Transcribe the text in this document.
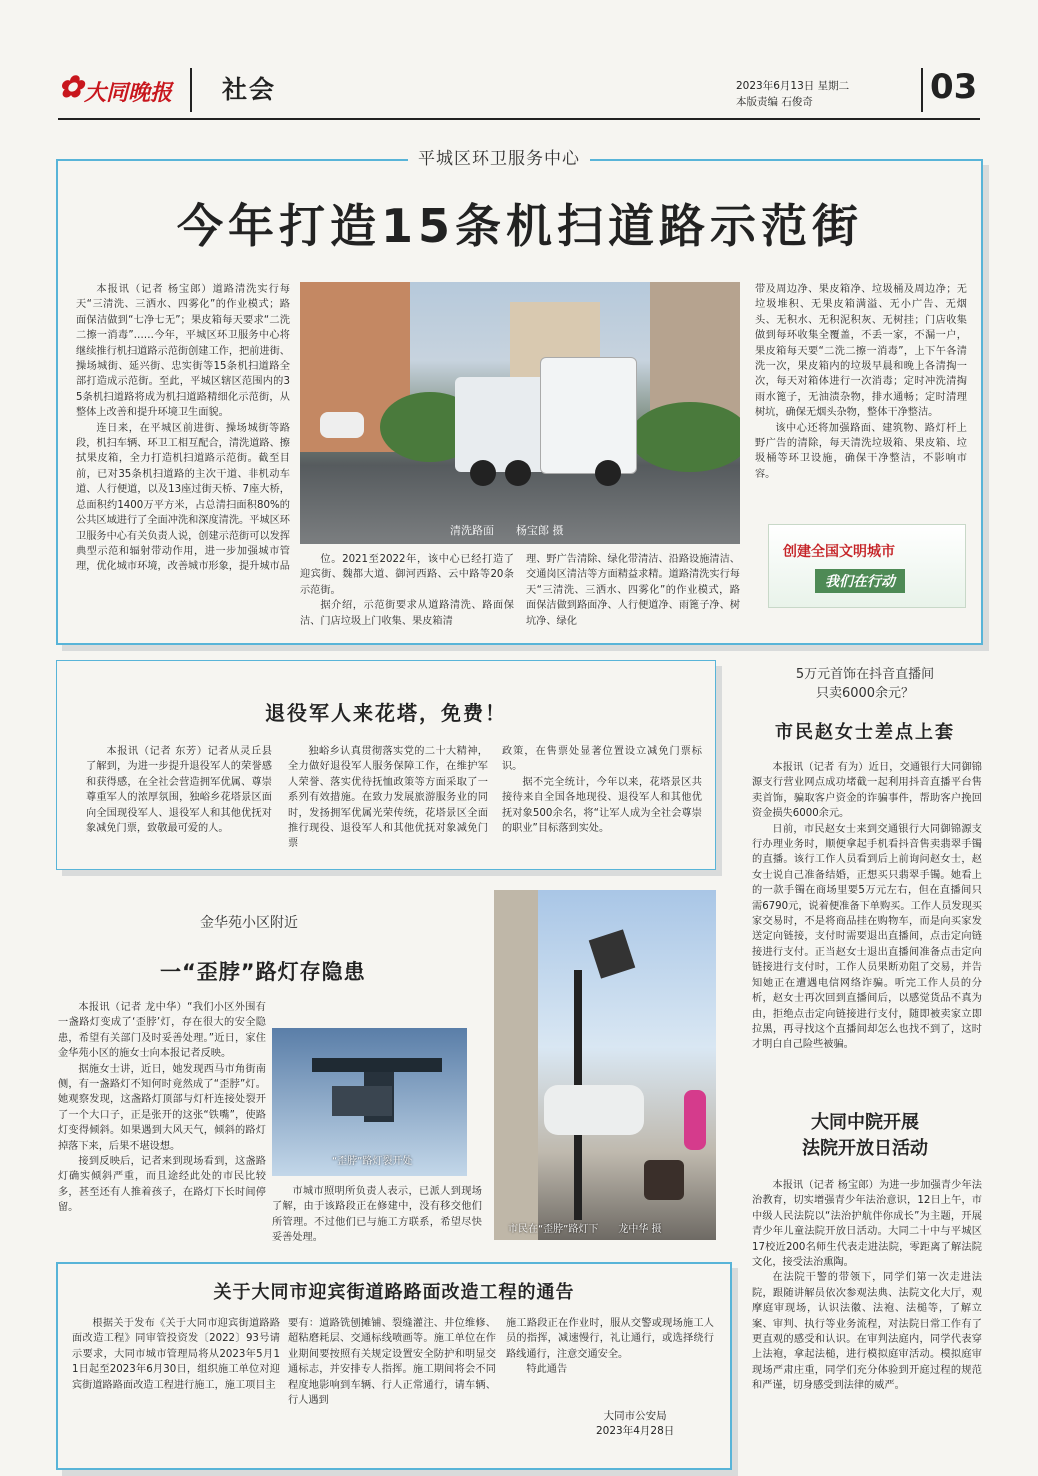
✿ 大同晚报 社会	2023年6月13日 星期二
本版责编 石俊奇	03
平城区环卫服务中心
今年打造15条机扫道路示范街

本报讯（记者 杨宝郎）道路清洗实行每天“三清洗、三洒水、四雾化”的作业模式；路面保洁做到“七净七无”；果皮箱每天要求“二洗二擦一消毒”……今年，平城区环卫服务中心将继续推行机扫道路示范街创建工作，把前进街、操场城街、延兴街、忠实街等15条机扫道路全部打造成示范街。至此，平城区辖区范围内的35条机扫道路将成为机扫道路精细化示范街，从整体上改善和提升环境卫生面貌。

连日来，在平城区前进街、操场城街等路段，机扫车辆、环卫工相互配合，清洗道路、擦拭果皮箱，全力打造机扫道路示范街。截至目前，已对35条机扫道路的主次干道、非机动车道、人行便道，以及13座过街天桥、7座大桥，总面积约1400万平方米，占总清扫面积80%的公共区域进行了全面冲洗和深度清洗。平城区环卫服务中心有关负责人说，创建示范街可以发挥典型示范和辐射带动作用，进一步加强城市管理，优化城市环境，改善城市形象，提升城市品

清洗路面　　杨宝郎 摄

位。2021至2022年，该中心已经打造了迎宾街、魏都大道、御河西路、云中路等20条示范街。

据介绍，示范街要求从道路清洗、路面保洁、门店垃圾上门收集、果皮箱清

理、野广告清除、绿化带清洁、沿路设施清洁、交通岗区清洁等方面精益求精。道路清洗实行每天“三清洗、三洒水、四雾化”的作业模式，路面保洁做到路面净、人行便道净、雨篦子净、树坑净、绿化

带及周边净、果皮箱净、垃圾桶及周边净；无垃圾堆积、无果皮箱满溢、无小广告、无烟头、无积水、无积泥积灰、无树挂；门店收集做到每环收集全覆盖，不丢一家，不漏一户，果皮箱每天要“二洗二擦一消毒”，上下午各清洗一次，果皮箱内的垃圾早晨和晚上各清掏一次，每天对箱体进行一次消毒；定时冲洗清掏雨水篦子，无油渍杂物，排水通畅；定时清理树坑，确保无烟头杂物，整体干净整洁。

该中心还将加强路面、建筑物、路灯杆上野广告的清除，每天清洗垃圾箱、果皮箱、垃圾桶等环卫设施，确保干净整洁，不影响市容。

创建全国文明城市
我们在行动
退役军人来花塔，免费！

本报讯（记者 东芳）记者从灵丘县了解到，为进一步提升退役军人的荣誉感和获得感，在全社会营造拥军优属、尊崇尊重军人的浓厚氛围，独峪乡花塔景区面向全国现役军人、退役军人和其他优抚对象减免门票，致敬最可爱的人。

独峪乡认真贯彻落实党的二十大精神，全力做好退役军人服务保障工作，在维护军人荣誉、落实优待抚恤政策等方面采取了一系列有效措施。在致力发展旅游服务业的同时，发扬拥军优属光荣传统，花塔景区全面推行现役、退役军人和其他优抚对象减免门票

政策，在售票处显著位置设立减免门票标识。

据不完全统计，今年以来，花塔景区共接待来自全国各地现役、退役军人和其他优抚对象500余名，将“让军人成为全社会尊崇的职业”目标落到实处。

5万元首饰在抖音直播间
只卖6000余元？
市民赵女士差点上套

本报讯（记者 有为）近日，交通银行大同御锦源支行营业网点成功堵截一起利用抖音直播平台售卖首饰，骗取客户资金的诈骗事件，帮助客户挽回资金损失6000余元。

日前，市民赵女士来到交通银行大同御锦源支行办理业务时，顺便拿起手机看抖音售卖翡翠手镯的直播。该行工作人员看到后上前询问赵女士，赵女士说自己准备结婚，正想买只翡翠手镯。她看上的一款手镯在商场里要5万元左右，但在直播间只需6790元，说着便准备下单购买。工作人员发现买家交易时，不是将商品挂在购物车，而是向买家发送定向链接，支付时需要退出直播间，点击定向链接进行支付。正当赵女士退出直播间准备点击定向链接进行支付时，工作人员果断劝阻了交易，并告知她正在遭遇电信网络诈骗。听完工作人员的分析，赵女士再次回到直播间后，以感觉货品不真为由，拒绝点击定向链接进行支付，随即被卖家立即拉黑，再寻找这个直播间却怎么也找不到了，这时才明白自己险些被骗。

金华苑小区附近
一“歪脖”路灯存隐患

本报讯（记者 龙中华）“我们小区外围有一盏路灯变成了‘歪脖’灯，存在很大的安全隐患，希望有关部门及时妥善处理。”近日，家住金华苑小区的施女士向本报记者反映。

据施女士讲，近日，她发现西马市角街南侧，有一盏路灯不知何时竟然成了“歪脖”灯。她观察发现，这盏路灯顶部与灯杆连接处裂开了一个大口子，正是张开的这张“铁嘴”，使路灯变得倾斜。如果遇到大风天气，倾斜的路灯掉落下来，后果不堪设想。

接到反映后，记者来到现场看到，这盏路灯确实倾斜严重，而且途经此处的市民比较多，甚至还有人推着孩子，在路灯下长时间停留。

“歪脖”路灯裂开处

市城市照明所负责人表示，已派人到现场了解，由于该路段正在修建中，没有移交他们所管理。不过他们已与施工方联系，希望尽快妥善处理。

市民在“歪脖”路灯下　　龙中华 摄
大同中院开展
法院开放日活动

本报讯（记者 杨宝郎）为进一步加强青少年法治教育，切实增强青少年法治意识，12日上午，市中级人民法院以“法治护航伴你成长”为主题，开展青少年儿童法院开放日活动。大同二十中与平城区17校近200名师生代表走进法院，零距离了解法院文化，接受法治熏陶。

在法院干警的带领下，同学们第一次走进法院，跟随讲解员依次参观法典、法院文化大厅，观摩庭审现场，认识法徽、法袍、法槌等，了解立案、审判、执行等业务流程，对法院日常工作有了更直观的感受和认识。在审判法庭内，同学代表穿上法袍，拿起法槌，进行模拟庭审活动。模拟庭审现场严肃庄重，同学们充分体验到开庭过程的规范和严谨，切身感受到法律的威严。

关于大同市迎宾街道路路面改造工程的通告

根据关于发布《关于大同市迎宾街道路路面改造工程》同审管投资发〔2022〕93号请示要求，大同市城市管理局将从2023年5月11日起至2023年6月30日，组织施工单位对迎宾街道路路面改造工程进行施工，施工项目主

要有：道路铣刨摊铺、裂缝灌注、井位维修、超粘磨耗层、交通标线喷画等。施工单位在作业期间要按照有关规定设置安全防护和明显交通标志，并安排专人指挥。施工期间将会不同程度地影响到车辆、行人正常通行，请车辆、行人遇到

施工路段正在作业时，服从交警或现场施工人员的指挥，减速慢行，礼让通行，或选择绕行路线通行，注意交通安全。

特此通告

大同市公安局
2023年4月28日
